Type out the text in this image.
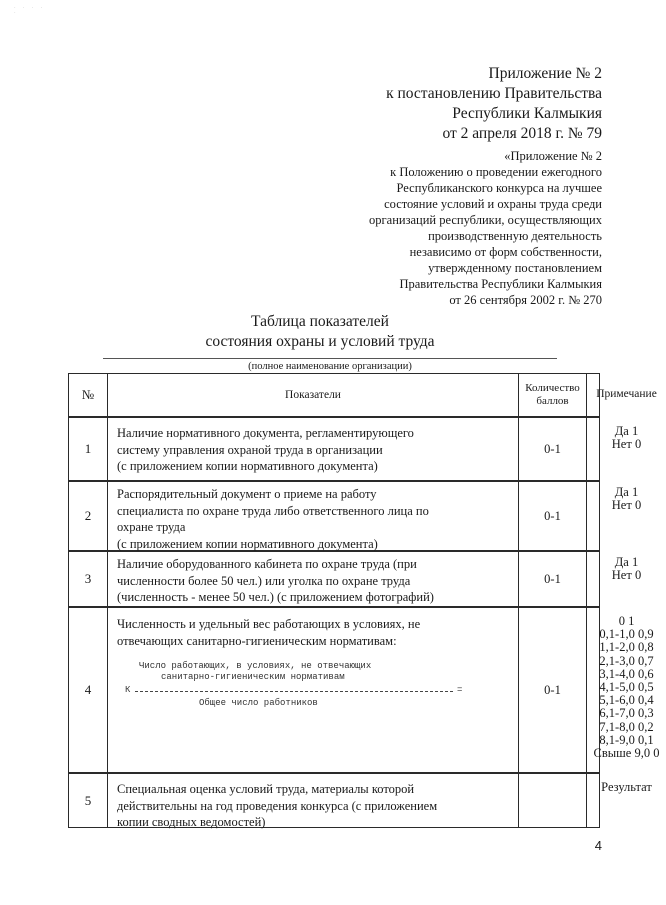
· · · · ·
Приложение № 2
к постановлению Правительства
Республики Калмыкия
от 2 апреля 2018 г. № 79
«Приложение № 2
к Положению о проведении ежегодного
Республиканского конкурса на лучшее
состояние условий и охраны труда среди
организаций республики, осуществляющих
производственную деятельность
независимо от форм собственности,
утвержденному постановлением
Правительства Республики Калмыкия
от 26 сентября 2002 г. № 270
Таблица показателей
состояния охраны и условий труда
(полное наименование организации)
№	Показатели
Количество
баллов
Примечание
1
Наличие нормативного документа, регламентирующего
систему управления охраной труда в организации
(с приложением копии нормативного документа)
0-1
Да 1
Нет 0
2
Распорядительный документ о приеме на работу
специалиста по охране труда либо ответственного лица по
охране труда
(с приложением копии нормативного документа)
0-1
Да 1
Нет 0
3
Наличие оборудованного кабинета по охране труда (при
численности более 50 чел.) или уголка по охране труда
(численность - менее 50 чел.) (с приложением фотографий)
0-1
Да 1
Нет 0
4
Численность и удельный вес работающих в условиях, не
отвечающих санитарно-гигиеническим нормативам:
Число работающих, в условиях, не отвечающих
санитарно-гигиеническим нормативам
К	=
Общее число работников
0-1
0 1
0,1-1,0 0,9
1,1-2,0 0,8
2,1-3,0 0,7
3,1-4,0 0,6
4,1-5,0 0,5
5,1-6,0 0,4
6,1-7,0 0,3
7,1-8,0 0,2
8,1-9,0 0,1
Свыше 9,0 0
5
Специальная оценка условий труда, материалы которой
действительны на год проведения конкурса (с приложением
копии сводных ведомостей)
Результат
4
